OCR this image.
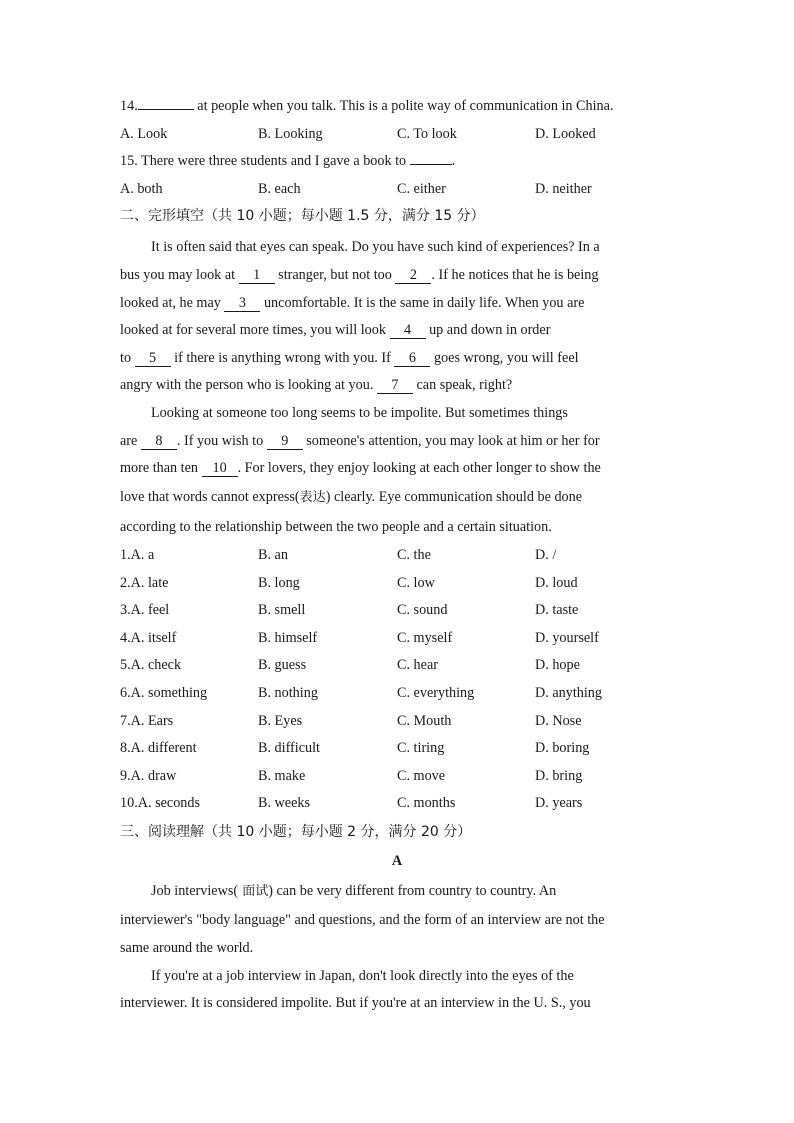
14.	at people when you talk. This is a polite way of communication in China.
A. Look	B. Looking	C. To look	D. Looked
15. There were three students and I gave a book to	.
A. both	B. each	C. either	D. neither
二、完形填空（共 10 小题；每小题 1.5 分，满分 15 分）
It is often said that eyes can speak. Do you have such kind of experiences? In a
bus you may look at 1 stranger, but not too 2 . If he notices that he is being
looked at, he may 3 uncomfortable. It is the same in daily life. When you are
looked at for several more times, you will look 4 up and down in order
to 5 if there is anything wrong with you. If 6 goes wrong, you will feel
angry with the person who is looking at you. 7 can speak, right?
Looking at someone too long seems to be impolite. But sometimes things
are 8 . If you wish to 9 someone's attention, you may look at him or her for
more than ten 10 . For lovers, they enjoy looking at each other longer to show the
love that words cannot express(表达) clearly. Eye communication should be done
according to the relationship between the two people and a certain situation.
1.A. a	B. an	C. the	D. /
2.A. late	B. long	C. low	D. loud
3.A. feel	B. smell	C. sound	D. taste
4.A. itself	B. himself	C. myself	D. yourself
5.A. check	B. guess	C. hear	D. hope
6.A. something	B. nothing	C. everything	D. anything
7.A. Ears	B. Eyes	C. Mouth	D. Nose
8.A. different	B. difficult	C. tiring	D. boring
9.A. draw	B. make	C. move	D. bring
10.A. seconds	B. weeks	C. months	D. years
三、阅读理解（共 10 小题；每小题 2 分，满分 20 分）
A
Job interviews( 面试) can be very different from country to country. An
interviewer's "body language" and questions, and the form of an interview are not the
same around the world.
If you're at a job interview in Japan, don't look directly into the eyes of the
interviewer. It is considered impolite. But if you're at an interview in the U. S., you
